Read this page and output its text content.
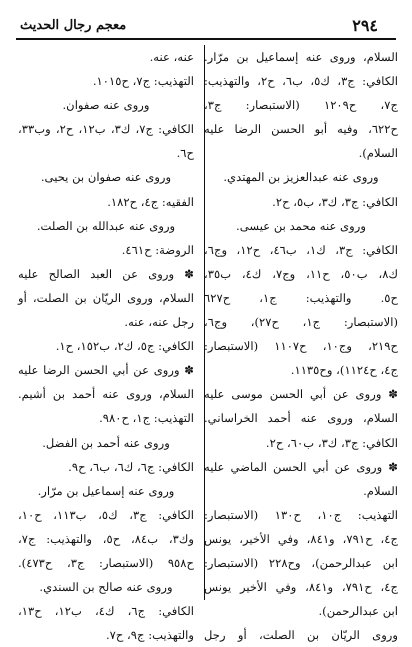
٢٩٤
معجم رجال الحديث
السلام، وروى عنه إسماعيل بن مرّار.
الكافي: ج٣، ك٥، ب٦، ح٢، والتهذيب:
ج٧، ح١٢٠٩ (الاستبصار: ج٣،
ح٦٢٢، وفيه أبو الحسن الرضا عليه
السلام).
وروى عنه عبدالعزيز بن المهتدي.
الكافي: ج٣، ك٣، ب٥، ح٢.
وروى عنه محمد بن عيسى.
الكافي: ج٣، ك١، ب٤٦، ح١٢، وج٦،
ك٨، ب٥٠، ح١١، وج٧، ك٤، ب٣٥،
ح٥. والتهذيب: ج١، ح٦٢٧
(الاستبصار: ج١، ح٢٧)، وج٦،
ح٢١٩، وج١٠، ح١١٠٧ (الاستبصار:
ج٤، ح١١٢٤)، وح١١٣٥.
✽ وروى عن أبي الحسن موسى عليه
السلام، وروى عنه أحمد الخراساني.
الكافي: ج٣، ك٣، ب٦٠، ح٢.
✽ وروى عن أبي الحسن الماضي عليه
السلام.
التهذيب: ج١٠، ح١٣٠ (الاستبصار:
ج٤، ح٧٩١، و٨٤١، وفي الأخير، يونس
ابن عبدالرحمن)، وح٢٢٨ (الاستبصار:
ج٤، ح٧٩١، و٨٤١، وفي الأخير يونس
ابن عبدالرحمن).
وروى الريّان بن الصلت، أو رجل
عنه، عنه.
التهذيب: ج٧، ح١٠١٥.
وروى عنه صفوان.
الكافي: ج٧، ك٣، ب١٢، ح٢، وب٣٣،
ح٦.
وروى عنه صفوان بن يحيى.
الفقيه: ج٤، ح١٨٢.
وروى عنه عبدالله بن الصلت.
الروضة: ح٤٦١.
✽ وروى عن العبد الصالح عليه
السلام، وروى الريّان بن الصلت، أو
رجل عنه، عنه.
الكافي: ج٥، ك٢، ب١٥٢، ح١.
✽ وروى عن أبي الحسن الرضا عليه
السلام، وروى عنه أحمد بن أشيم.
التهذيب: ج١، ح٩٨٠.
وروى عنه أحمد بن الفضل.
الكافي: ج٦، ك٦، ب٦، ح٩.
وروى عنه إسماعيل بن مرّار.
الكافي: ج٣، ك٥، ب١١٣، ح١٠،
وك٣، ب٨٤، ح٥، والتهذيب: ج٧،
ح٩٥٨ (الاستبصار: ج٣، ح٤٧٣).
وروى عنه صالح بن السندي.
الكافي: ج٦، ك٤، ب١٢، ح١٣،
والتهذيب: ج٩، ح٧.
